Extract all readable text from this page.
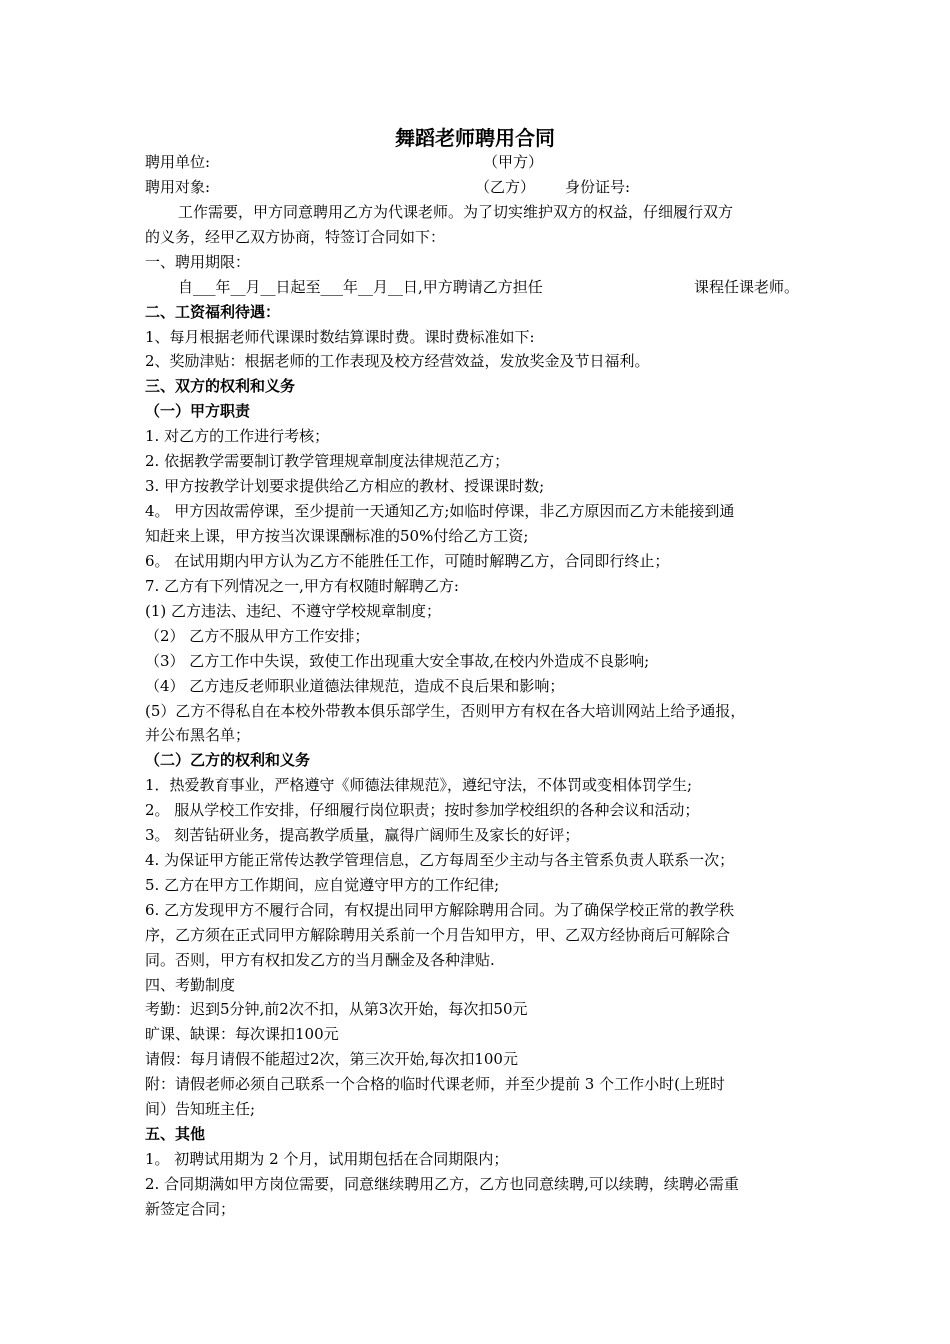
舞蹈老师聘用合同
聘用单位:	（甲方）
聘用对象:	（乙方） 身份证号:
工作需要，甲方同意聘用乙方为代课老师。为了切实维护双方的权益，仔细履行双方
的义务，经甲乙双方协商，特签订合同如下：
一、聘用期限：
自___年__月__日起至___年__月__日,甲方聘请乙方担任	课程任课老师。
二、工资福利待遇：
1、每月根据老师代课课时数结算课时费。课时费标准如下:
2、奖励津贴：根据老师的工作表现及校方经营效益，发放奖金及节日福利。
三、双方的权利和义务
（一）甲方职责
1. 对乙方的工作进行考核；
2. 依据教学需要制订教学管理规章制度法律规范乙方；
3. 甲方按教学计划要求提供给乙方相应的教材、授课课时数;
4。 甲方因故需停课，至少提前一天通知乙方;如临时停课，非乙方原因而乙方未能接到通
知赶来上课，甲方按当次课课酬标准的50%付给乙方工资;
6。 在试用期内甲方认为乙方不能胜任工作，可随时解聘乙方，合同即行终止；
7. 乙方有下列情况之一,甲方有权随时解聘乙方:
(1) 乙方违法、违纪、不遵守学校规章制度；
（2） 乙方不服从甲方工作安排；
（3） 乙方工作中失误，致使工作出现重大安全事故,在校内外造成不良影响;
（4） 乙方违反老师职业道德法律规范，造成不良后果和影响；
(5）乙方不得私自在本校外带教本俱乐部学生，否则甲方有权在各大培训网站上给予通报，
并公布黑名单；
（二）乙方的权利和义务
1．热爱教育事业，严格遵守《师德法律规范》，遵纪守法，不体罚或变相体罚学生;
2。 服从学校工作安排，仔细履行岗位职责；按时参加学校组织的各种会议和活动；
3。 刻苦钻研业务，提高教学质量，赢得广阔师生及家长的好评；
4. 为保证甲方能正常传达教学管理信息，乙方每周至少主动与各主管系负责人联系一次；
5. 乙方在甲方工作期间，应自觉遵守甲方的工作纪律;
6. 乙方发现甲方不履行合同，有权提出同甲方解除聘用合同。为了确保学校正常的教学秩
序，乙方须在正式同甲方解除聘用关系前一个月告知甲方，甲、乙双方经协商后可解除合
同。否则，甲方有权扣发乙方的当月酬金及各种津贴.
四、考勤制度
考勤：迟到5分钟,前2次不扣，从第3次开始，每次扣50元
旷课、缺课：每次课扣100元
请假：每月请假不能超过2次，第三次开始,每次扣100元
附：请假老师必须自己联系一个合格的临时代课老师，并至少提前 3 个工作小时(上班时
间）告知班主任;
五、其他
1。 初聘试用期为 2 个月，试用期包括在合同期限内；
2. 合同期满如甲方岗位需要，同意继续聘用乙方，乙方也同意续聘,可以续聘，续聘必需重
新签定合同；
